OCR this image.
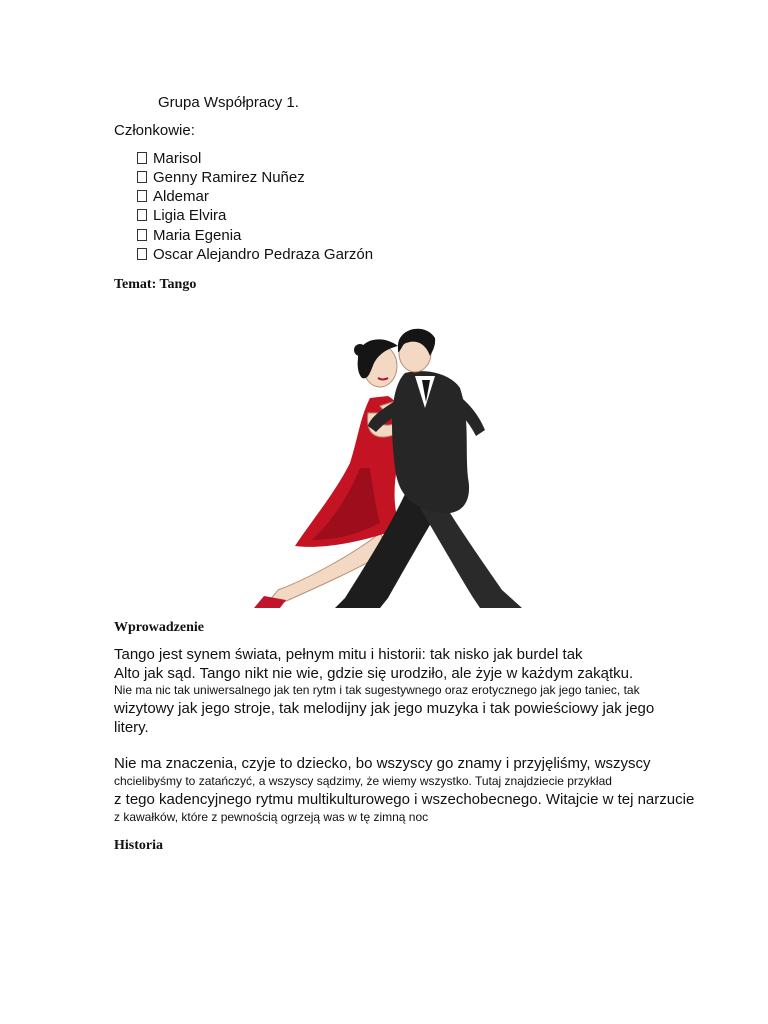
Grupa Współpracy 1.
Członkowie:
Marisol
Genny Ramirez Nuñez
Aldemar
Ligia Elvira
Maria Egenia
Oscar Alejandro Pedraza Garzón
Temat: Tango
Wprowadzenie
Tango jest synem świata, pełnym mitu i historii: tak nisko jak burdel tak
Alto jak sąd. Tango nikt nie wie, gdzie się urodziło, ale żyje w każdym zakątku.
Nie ma nic tak uniwersalnego jak ten rytm i tak sugestywnego oraz erotycznego jak jego taniec, tak
wizytowy jak jego stroje, tak melodijny jak jego muzyka i tak powieściowy jak jego
litery.
Nie ma znaczenia, czyje to dziecko, bo wszyscy go znamy i przyjęliśmy, wszyscy
chcielibyśmy to zatańczyć, a wszyscy sądzimy, że wiemy wszystko. Tutaj znajdziecie przykład
z tego kadencyjnego rytmu multikulturowego i wszechobecnego. Witajcie w tej narzucie
z kawałków, które z pewnością ogrzeją was w tę zimną noc
Historia
